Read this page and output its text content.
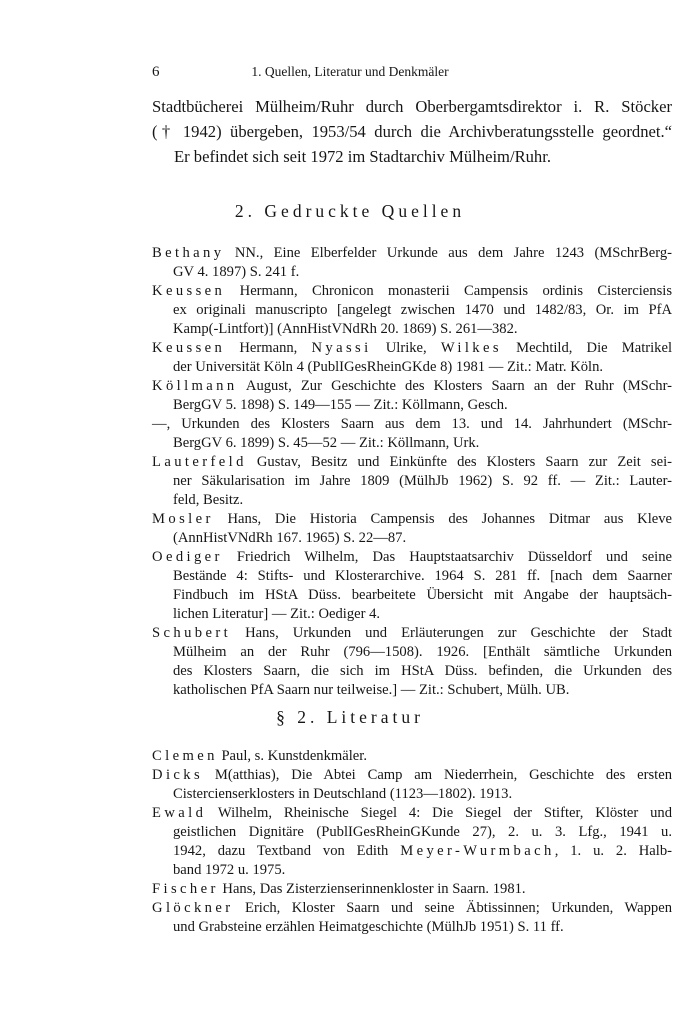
6	1. Quellen, Literatur und Denkmäler
Stadtbücherei Mülheim/Ruhr durch Oberbergamtsdirektor i. R. Stöcker
(† 1942) übergeben, 1953/54 durch die Archivberatungsstelle geordnet.“
Er befindet sich seit 1972 im Stadtarchiv Mülheim/Ruhr.
2. Gedruckte Quellen
Bethany NN., Eine Elberfelder Urkunde aus dem Jahre 1243 (MSchrBerg-
GV 4. 1897) S. 241 f.
Keussen Hermann, Chronicon monasterii Campensis ordinis Cisterciensis
ex originali manuscripto [angelegt zwischen 1470 und 1482/83, Or. im PfA
Kamp(-Lintfort)] (AnnHistVNdRh 20. 1869) S. 261—382.
Keussen Hermann, Nyassi Ulrike, Wilkes Mechtild, Die Matrikel
der Universität Köln 4 (PublIGesRheinGKde 8) 1981 — Zit.: Matr. Köln.
Köllmann August, Zur Geschichte des Klosters Saarn an der Ruhr (MSchr-
BergGV 5. 1898) S. 149—155 — Zit.: Köllmann, Gesch.
—, Urkunden des Klosters Saarn aus dem 13. und 14. Jahrhundert (MSchr-
BergGV 6. 1899) S. 45—52 — Zit.: Köllmann, Urk.
Lauterfeld Gustav, Besitz und Einkünfte des Klosters Saarn zur Zeit sei-
ner Säkularisation im Jahre 1809 (MülhJb 1962) S. 92 ff. — Zit.: Lauter-
feld, Besitz.
Mosler Hans, Die Historia Campensis des Johannes Ditmar aus Kleve
(AnnHistVNdRh 167. 1965) S. 22—87.
Oediger Friedrich Wilhelm, Das Hauptstaatsarchiv Düsseldorf und seine
Bestände 4: Stifts- und Klosterarchive. 1964 S. 281 ff. [nach dem Saarner
Findbuch im HStA Düss. bearbeitete Übersicht mit Angabe der hauptsäch-
lichen Literatur] — Zit.: Oediger 4.
Schubert Hans, Urkunden und Erläuterungen zur Geschichte der Stadt
Mülheim an der Ruhr (796—1508). 1926. [Enthält sämtliche Urkunden
des Klosters Saarn, die sich im HStA Düss. befinden, die Urkunden des
katholischen PfA Saarn nur teilweise.] — Zit.: Schubert, Mülh. UB.
§ 2. Literatur
Clemen Paul, s. Kunstdenkmäler.
Dicks M(atthias), Die Abtei Camp am Niederrhein, Geschichte des ersten
Cistercienserklosters in Deutschland (1123—1802). 1913.
Ewald Wilhelm, Rheinische Siegel 4: Die Siegel der Stifter, Klöster und
geistlichen Dignitäre (PublIGesRheinGKunde 27), 2. u. 3. Lfg., 1941 u.
1942, dazu Textband von Edith Meyer-Wurmbach, 1. u. 2. Halb-
band 1972 u. 1975.
Fischer Hans, Das Zisterzienserinnenkloster in Saarn. 1981.
Glöckner Erich, Kloster Saarn und seine Äbtissinnen; Urkunden, Wappen
und Grabsteine erzählen Heimatgeschichte (MülhJb 1951) S. 11 ff.
